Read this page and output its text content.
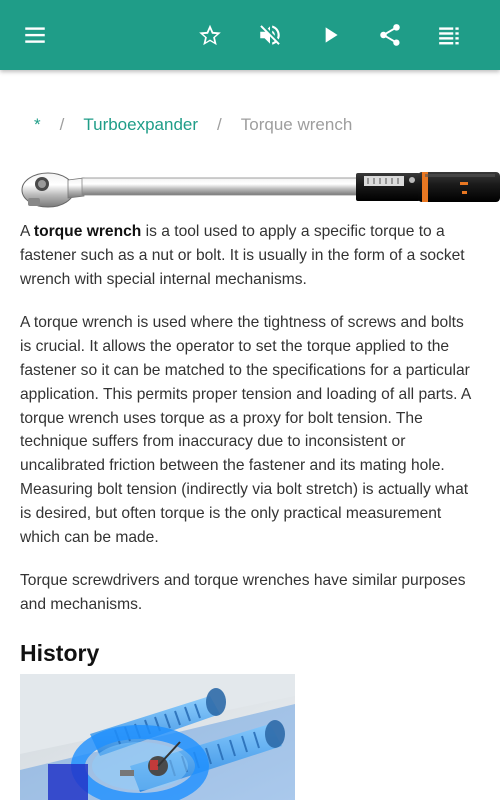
* / Turboexpander / Torque wrench

A torque wrench is a tool used to apply a specific torque to a fastener such as a nut or bolt. It is usually in the form of a socket wrench with special internal mechanisms.

A torque wrench is used where the tightness of screws and bolts is crucial. It allows the operator to set the torque applied to the fastener so it can be matched to the specifications for a particular application. This permits proper tension and loading of all parts. A torque wrench uses torque as a proxy for bolt tension. The technique suffers from inaccuracy due to inconsistent or uncalibrated friction between the fastener and its mating hole. Measuring bolt tension (indirectly via bolt stretch) is actually what is desired, but often torque is the only practical measurement which can be made.

Torque screwdrivers and torque wrenches have similar purposes and mechanisms.

History
